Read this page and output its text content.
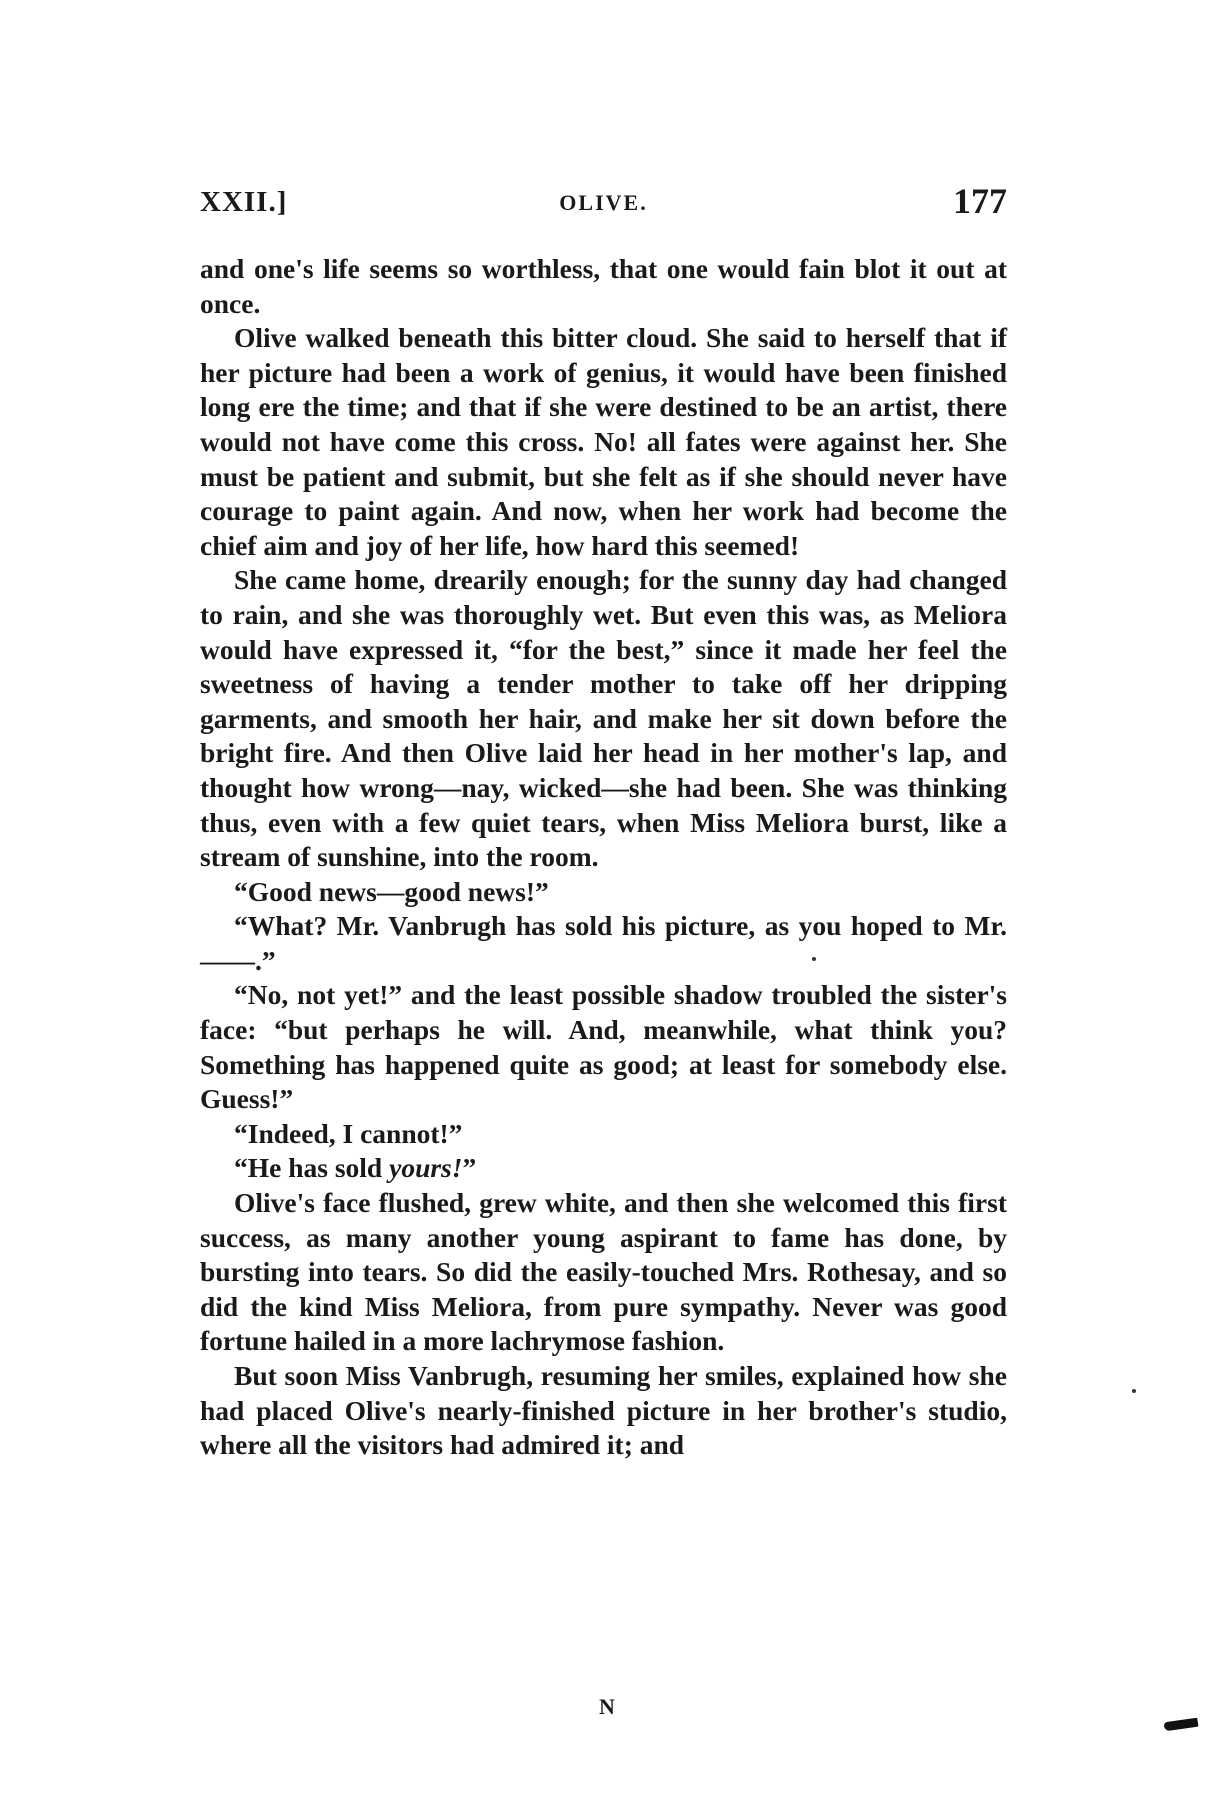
XXII.]	OLIVE.	177

and one's life seems so worthless, that one would fain blot it out at once.

Olive walked beneath this bitter cloud. She said to herself that if her picture had been a work of genius, it would have been finished long ere the time; and that if she were destined to be an artist, there would not have come this cross. No! all fates were against her. She must be patient and submit, but she felt as if she should never have courage to paint again. And now, when her work had become the chief aim and joy of her life, how hard this seemed!

She came home, drearily enough; for the sunny day had changed to rain, and she was thoroughly wet. But even this was, as Meliora would have expressed it, “for the best,” since it made her feel the sweetness of having a tender mother to take off her dripping garments, and smooth her hair, and make her sit down before the bright fire. And then Olive laid her head in her mother's lap, and thought how wrong—nay, wicked—she had been. She was thinking thus, even with a few quiet tears, when Miss Meliora burst, like a stream of sunshine, into the room.

“Good news—good news!”

“What? Mr. Vanbrugh has sold his picture, as you hoped to Mr. ——.”

“No, not yet!” and the least possible shadow troubled the sister's face: “but perhaps he will. And, meanwhile, what think you? Something has happened quite as good; at least for somebody else. Guess!”

“Indeed, I cannot!”

“He has sold yours!”

Olive's face flushed, grew white, and then she welcomed this first success, as many another young aspirant to fame has done, by bursting into tears. So did the easily-touched Mrs. Rothesay, and so did the kind Miss Meliora, from pure sympathy. Never was good fortune hailed in a more lachrymose fashion.

But soon Miss Vanbrugh, resuming her smiles, explained how she had placed Olive's nearly-finished picture in her brother's studio, where all the visitors had admired it; and

N
